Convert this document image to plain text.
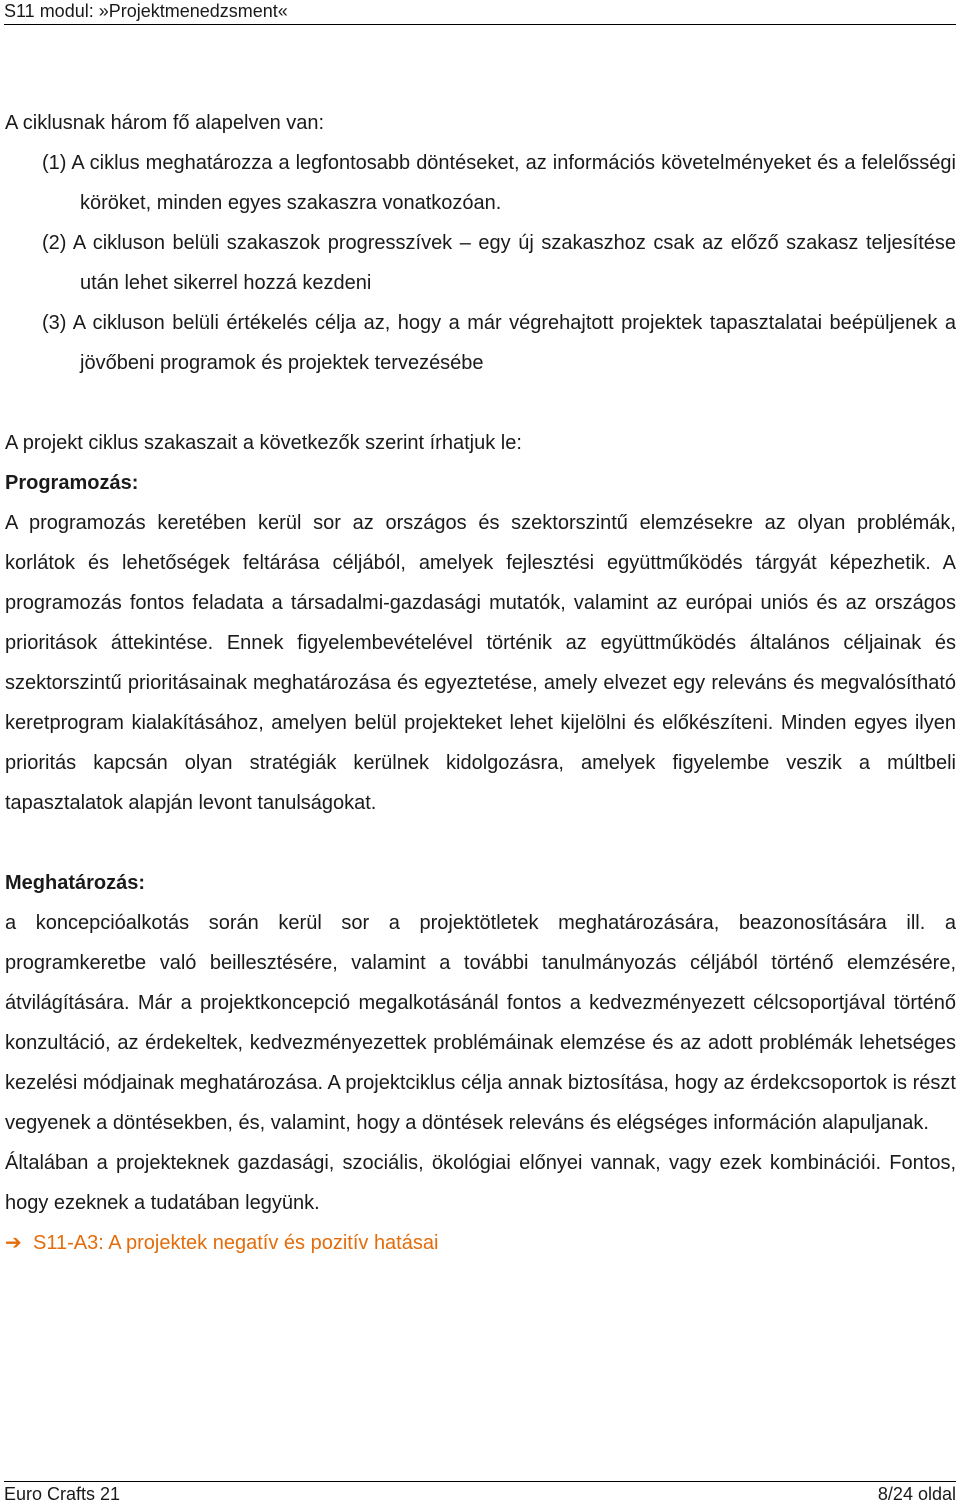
S11 modul: »Projektmenedzsment«

A ciklusnak három fő alapelven van:

(1) A ciklus meghatározza a legfontosabb döntéseket, az információs követelményeket és a felelősségi köröket, minden egyes szakaszra vonatkozóan.

(2) A cikluson belüli szakaszok progresszívek – egy új szakaszhoz csak az előző szakasz teljesítése után lehet sikerrel hozzá kezdeni

(3) A cikluson belüli értékelés célja az, hogy a már végrehajtott projektek tapasztalatai beépüljenek a jövőbeni programok és projektek tervezésébe

A projekt ciklus szakaszait a következők szerint írhatjuk le:

Programozás:

A programozás keretében kerül sor az országos és szektorszintű elemzésekre az olyan problémák, korlátok és lehetőségek feltárása céljából, amelyek fejlesztési együttműködés tárgyát képezhetik. A programozás fontos feladata a társadalmi-gazdasági mutatók, valamint az európai uniós és az országos prioritások áttekintése. Ennek figyelembevételével történik az együttműködés általános céljainak és szektorszintű prioritásainak meghatározása és egyeztetése, amely elvezet egy releváns és megvalósítható keretprogram kialakításához, amelyen belül projekteket lehet kijelölni és előkészíteni. Minden egyes ilyen prioritás kapcsán olyan stratégiák kerülnek kidolgozásra, amelyek figyelembe veszik a múltbeli tapasztalatok alapján levont tanulságokat.

Meghatározás:

a koncepcióalkotás során kerül sor a projektötletek meghatározására, beazonosítására ill. a programkeretbe való beillesztésére, valamint a további tanulmányozás céljából történő elemzésére, átvilágítására. Már a projektkoncepció megalkotásánál fontos a kedvezményezett célcsoportjával történő konzultáció, az érdekeltek, kedvezményezettek problémáinak elemzése és az adott problémák lehetséges kezelési módjainak meghatározása. A projektciklus célja annak biztosítása, hogy az érdekcsoportok is részt vegyenek a döntésekben, és, valamint, hogy a döntések releváns és elégséges információn alapuljanak.

Általában a projekteknek gazdasági, szociális, ökológiai előnyei vannak, vagy ezek kombinációi. Fontos, hogy ezeknek a tudatában legyünk.

➔ S11-A3: A projektek negatív és pozitív hatásai

Euro Crafts 21	8/24 oldal
